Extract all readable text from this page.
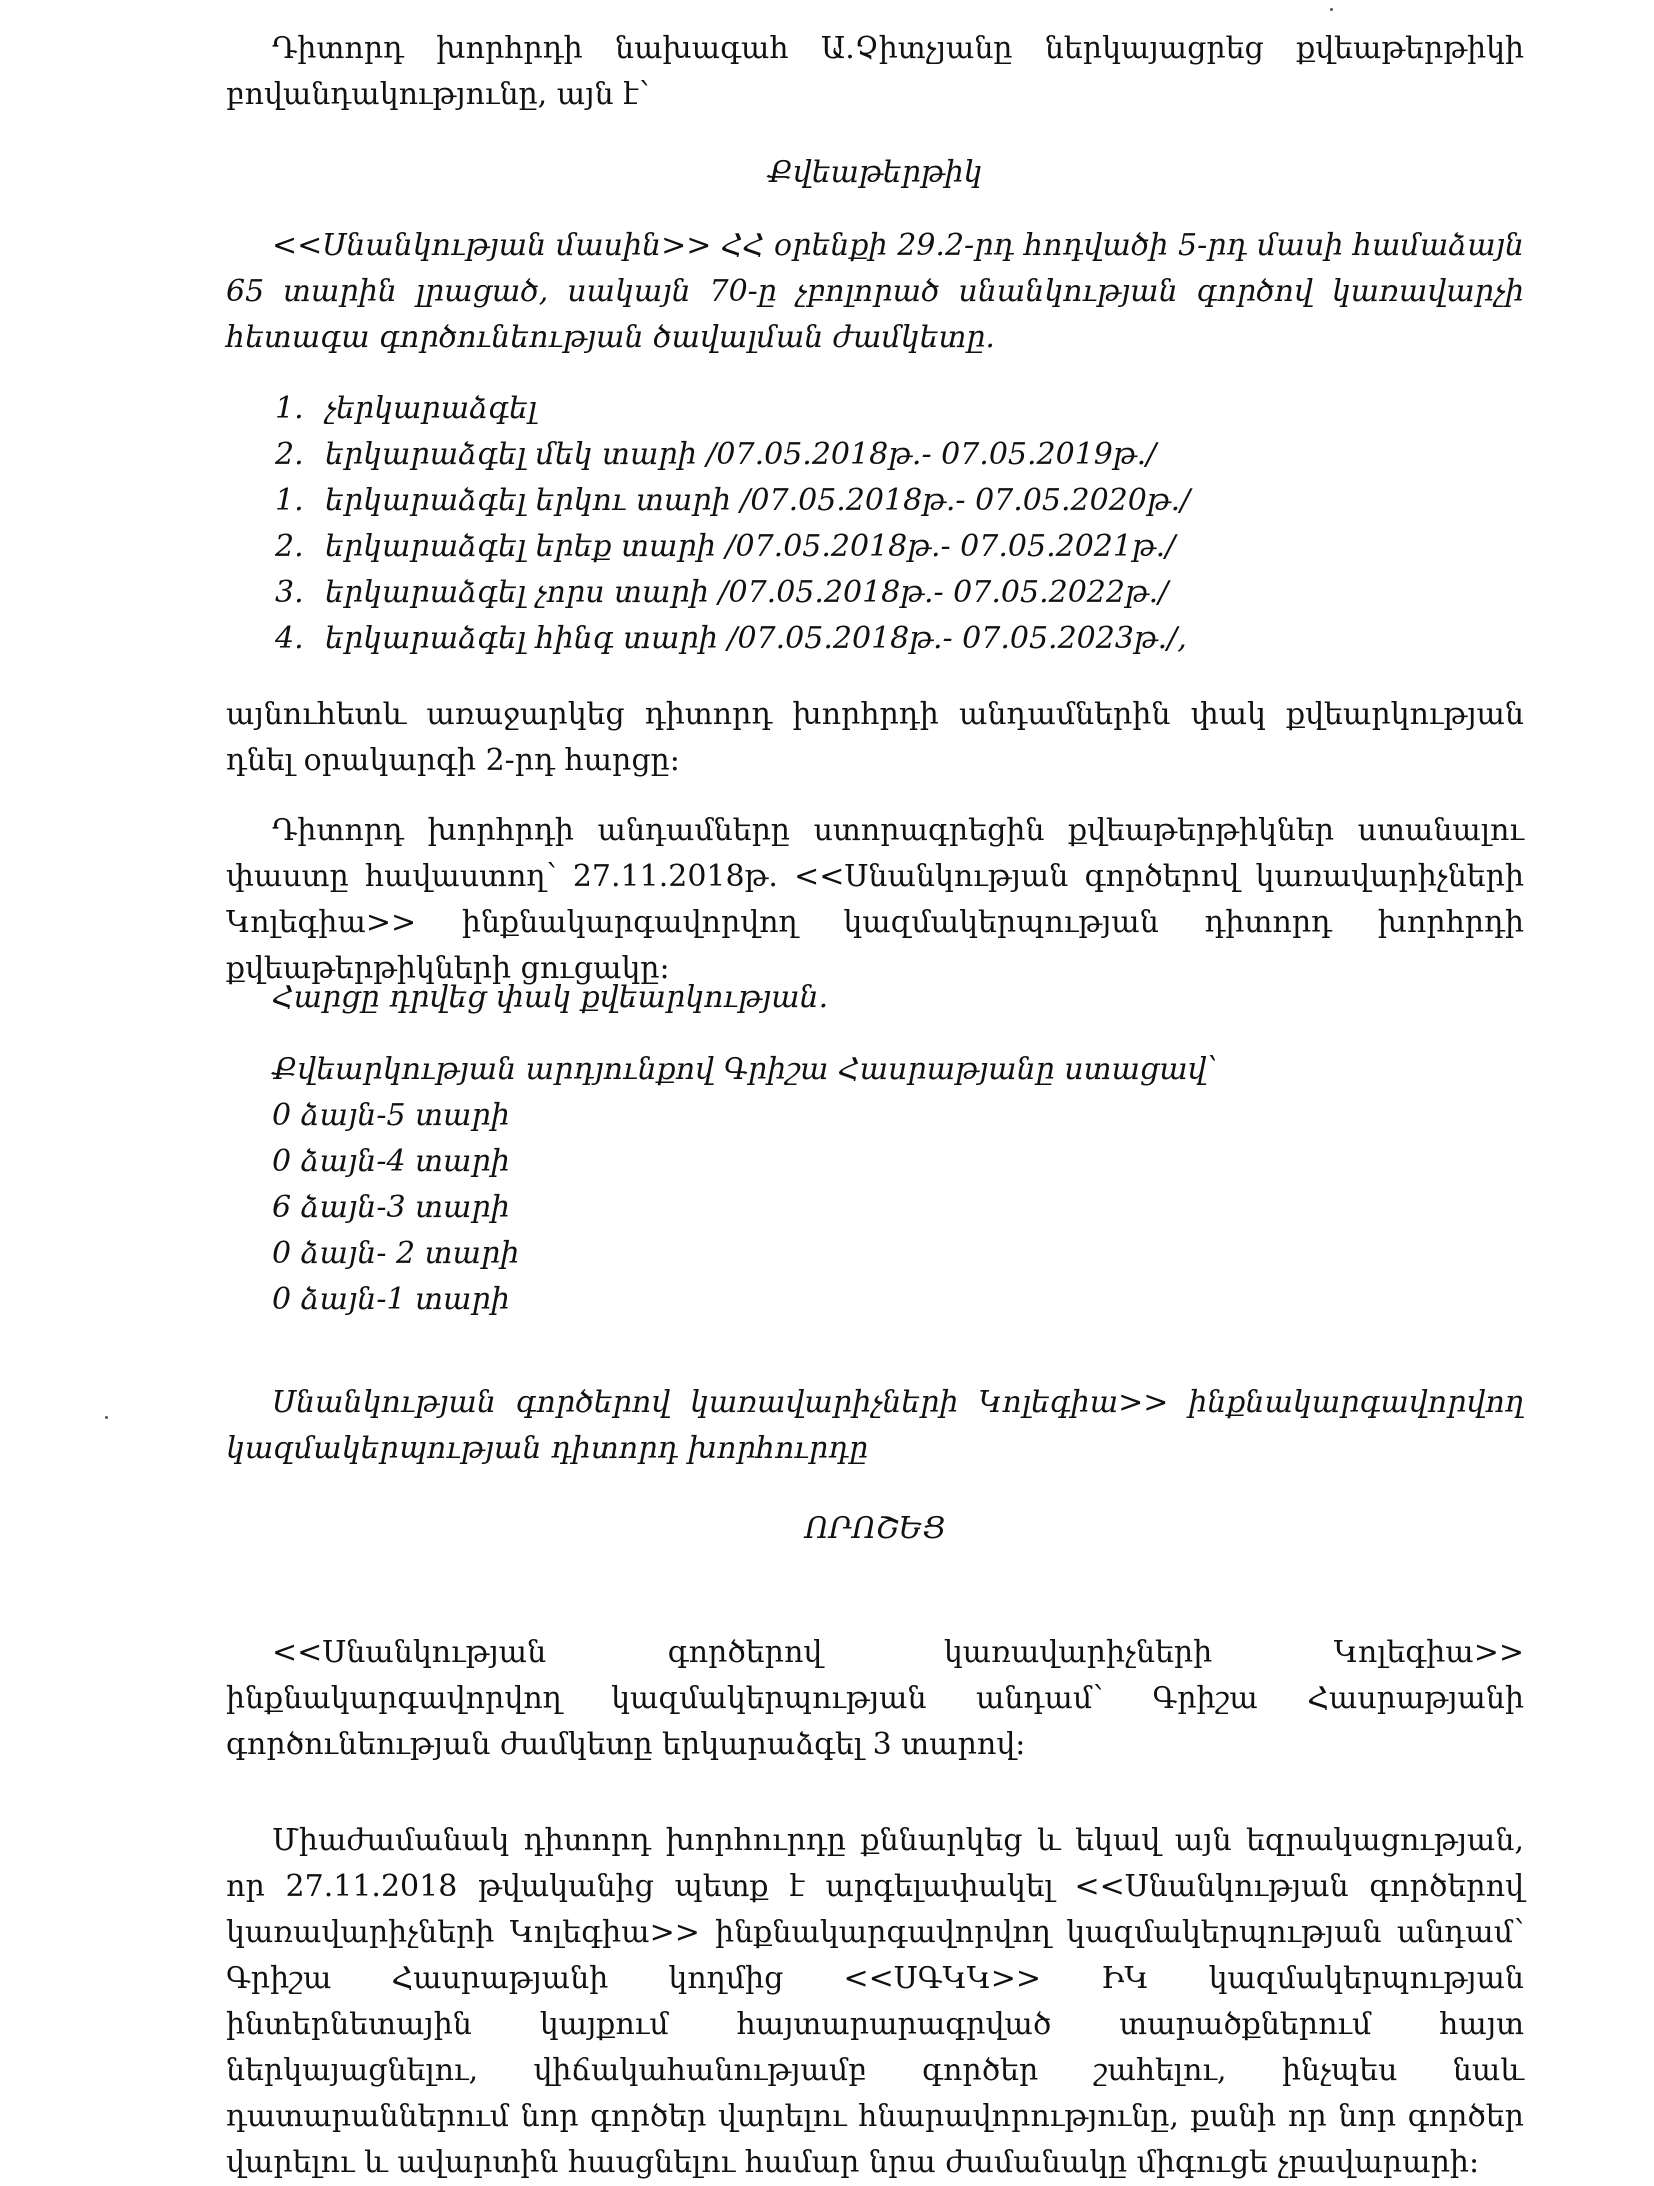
Դիտորդ խորհրդի նախագահ Ա.Չիտչյանը ներկայացրեց քվեաթերթիկի բովանդակությունը, այն է՝

Քվեաթերթիկ

<<Սնանկության մասին>> ՀՀ օրենքի 29.2-րդ հոդվածի 5-րդ մասի համաձայն 65 տարին լրացած, սակայն 70-ը չբոլորած սնանկության գործով կառավարչի հետագա գործունեության ծավալման ժամկետը.

1. չերկարաձգել
2. երկարաձգել մեկ տարի /07.05.2018թ.- 07.05.2019թ./
1. երկարաձգել երկու տարի /07.05.2018թ.- 07.05.2020թ./
2. երկարաձգել երեք տարի /07.05.2018թ.- 07.05.2021թ./
3. երկարաձգել չորս տարի /07.05.2018թ.- 07.05.2022թ./
4. երկարաձգել հինգ տարի /07.05.2018թ.- 07.05.2023թ./,

այնուհետև առաջարկեց դիտորդ խորհրդի անդամներին փակ քվեարկության դնել օրակարգի 2-րդ հարցը:

Դիտորդ խորհրդի անդամները ստորագրեցին քվեաթերթիկներ ստանալու փաստը հավաստող՝ 27.11.2018թ. <<Սնանկության գործերով կառավարիչների Կոլեգիա>> ինքնակարգավորվող կազմակերպության դիտորդ խորհրդի քվեաթերթիկների ցուցակը:

Հարցը դրվեց փակ քվեարկության.

Քվեարկության արդյունքով Գրիշա Հասրաթյանը ստացավ՝

0 ձայն-5 տարի
0 ձայն-4 տարի
6 ձայն-3 տարի
0 ձայն- 2 տարի
0 ձայն-1 տարի

Սնանկության գործերով կառավարիչների Կոլեգիա>> ինքնակարգավորվող կազմակերպության դիտորդ խորհուրդը

ՈՐՈՇԵՑ

<<Սնանկության գործերով կառավարիչների Կոլեգիա>> ինքնակարգավորվող կազմակերպության անդամ՝ Գրիշա Հասրաթյանի գործունեության ժամկետը երկարաձգել 3 տարով:

Միաժամանակ դիտորդ խորհուրդը քննարկեց և եկավ այն եզրակացության, որ 27.11.2018 թվականից պետք է արգելափակել <<Սնանկության գործերով կառավարիչների Կոլեգիա>> ինքնակարգավորվող կազմակերպության անդամ՝ Գրիշա Հասրաթյանի կողմից <<ՍԳԿԿ>> ԻԿ կազմակերպության ինտերնետային կայքում հայտարարագրված տարածքներում հայտ ներկայացնելու, վիճակահանությամբ գործեր շահելու, ինչպես նաև դատարաններում նոր գործեր վարելու հնարավորությունը, քանի որ նոր գործեր վարելու և ավարտին հասցնելու համար նրա ժամանակը միգուցե չբավարարի:
